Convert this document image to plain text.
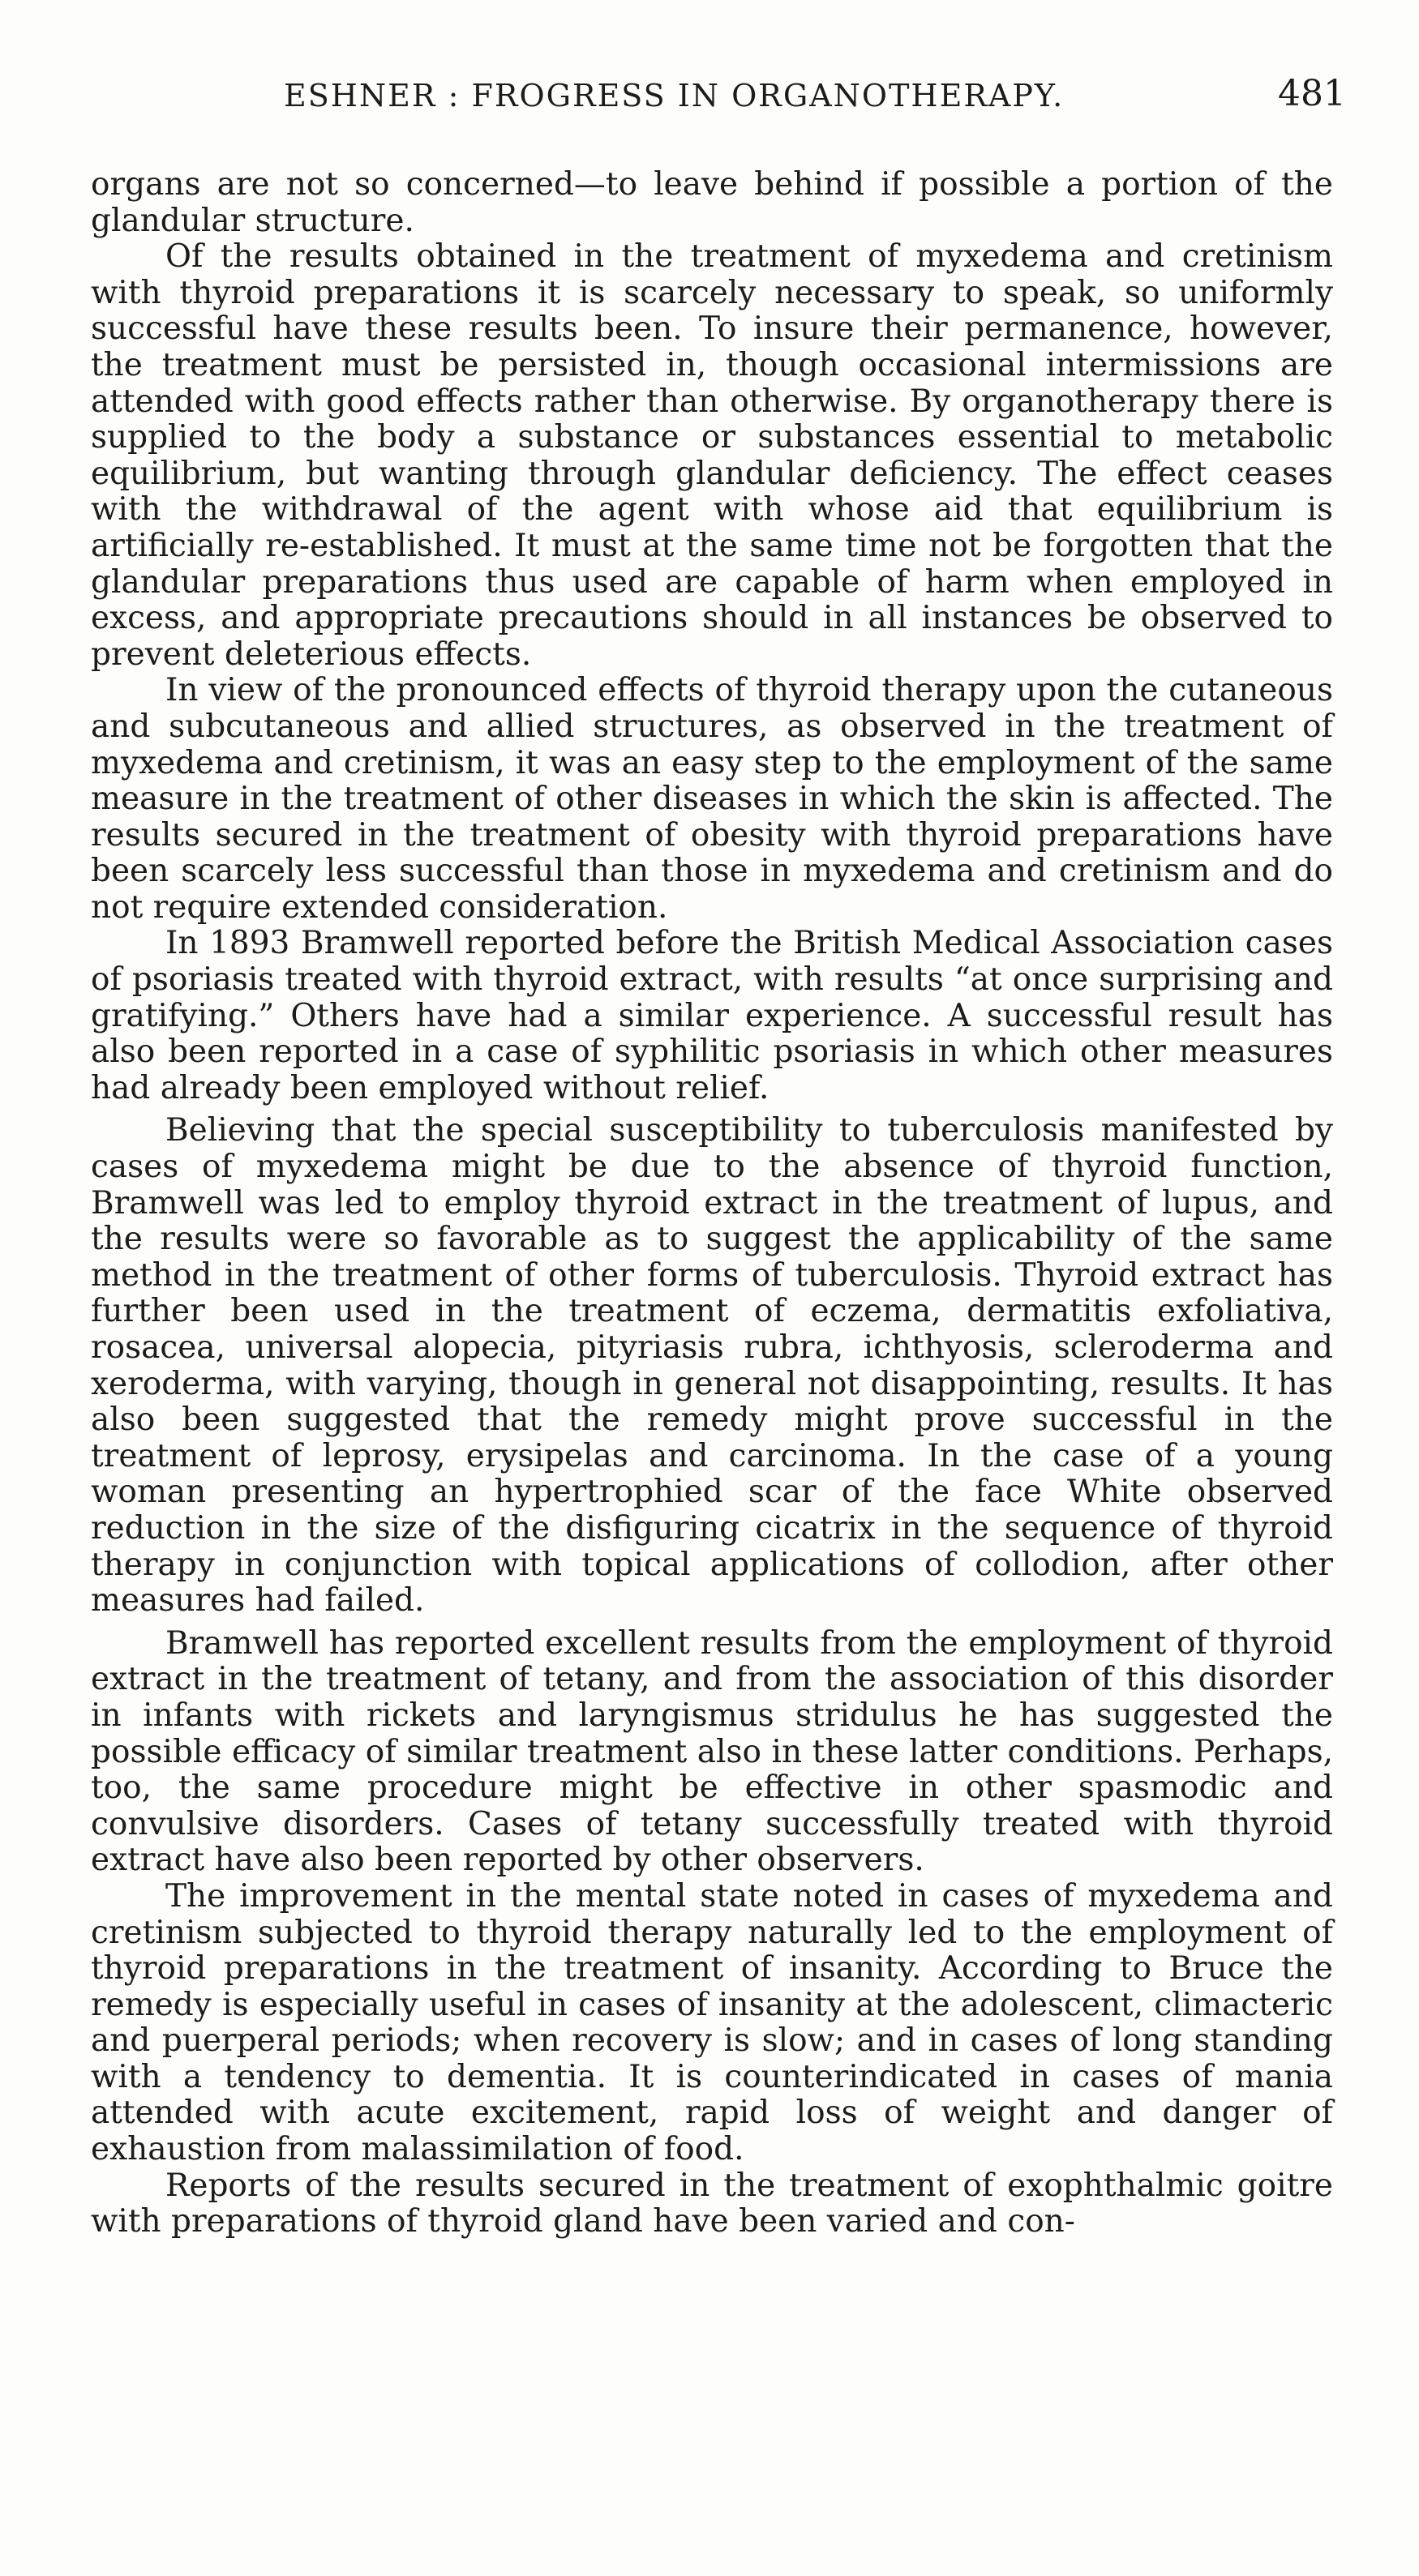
ESHNER : FROGRESS IN ORGANOTHERAPY.	481

organs are not so concerned—to leave behind if possible a portion of the glandular structure.

Of the results obtained in the treatment of myxedema and cretinism with thyroid preparations it is scarcely necessary to speak, so uniformly successful have these results been. To insure their permanence, however, the treatment must be persisted in, though occasional intermissions are attended with good effects rather than otherwise. By organotherapy there is supplied to the body a substance or substances essential to metabolic equilibrium, but wanting through glandular deficiency. The effect ceases with the withdrawal of the agent with whose aid that equilibrium is artificially re-established. It must at the same time not be forgotten that the glandular preparations thus used are capable of harm when employed in excess, and appropriate precautions should in all instances be observed to prevent deleterious effects.

In view of the pronounced effects of thyroid therapy upon the cutaneous and subcutaneous and allied structures, as observed in the treatment of myxedema and cretinism, it was an easy step to the employment of the same measure in the treatment of other diseases in which the skin is affected. The results secured in the treatment of obesity with thyroid preparations have been scarcely less successful than those in myxedema and cretinism and do not require extended consideration.

In 1893 Bramwell reported before the British Medical Association cases of psoriasis treated with thyroid extract, with results “at once surprising and gratifying.” Others have had a similar experience. A successful result has also been reported in a case of syphilitic psoriasis in which other measures had already been employed without relief.

Believing that the special susceptibility to tuberculosis manifested by cases of myxedema might be due to the absence of thyroid function, Bramwell was led to employ thyroid extract in the treatment of lupus, and the results were so favorable as to suggest the applicability of the same method in the treatment of other forms of tuberculosis. Thyroid extract has further been used in the treatment of eczema, dermatitis exfoliativa, rosacea, universal alopecia, pityriasis rubra, ichthyosis, scleroderma and xeroderma, with varying, though in general not disappointing, results. It has also been suggested that the remedy might prove successful in the treatment of leprosy, erysipelas and carcinoma. In the case of a young woman presenting an hypertrophied scar of the face White observed reduction in the size of the disfiguring cicatrix in the sequence of thyroid therapy in conjunction with topical applications of collodion, after other measures had failed.

Bramwell has reported excellent results from the employment of thyroid extract in the treatment of tetany, and from the association of this disorder in infants with rickets and laryngismus stridulus he has suggested the possible efficacy of similar treatment also in these latter conditions. Perhaps, too, the same procedure might be effective in other spasmodic and convulsive disorders. Cases of tetany successfully treated with thyroid extract have also been reported by other observers.

The improvement in the mental state noted in cases of myxedema and cretinism subjected to thyroid therapy naturally led to the employment of thyroid preparations in the treatment of insanity. According to Bruce the remedy is especially useful in cases of insanity at the adolescent, climacteric and puerperal periods; when recovery is slow; and in cases of long standing with a tendency to dementia. It is counterindicated in cases of mania attended with acute excitement, rapid loss of weight and danger of exhaustion from malassimilation of food.

Reports of the results secured in the treatment of exophthalmic goitre with preparations of thyroid gland have been varied and con-
